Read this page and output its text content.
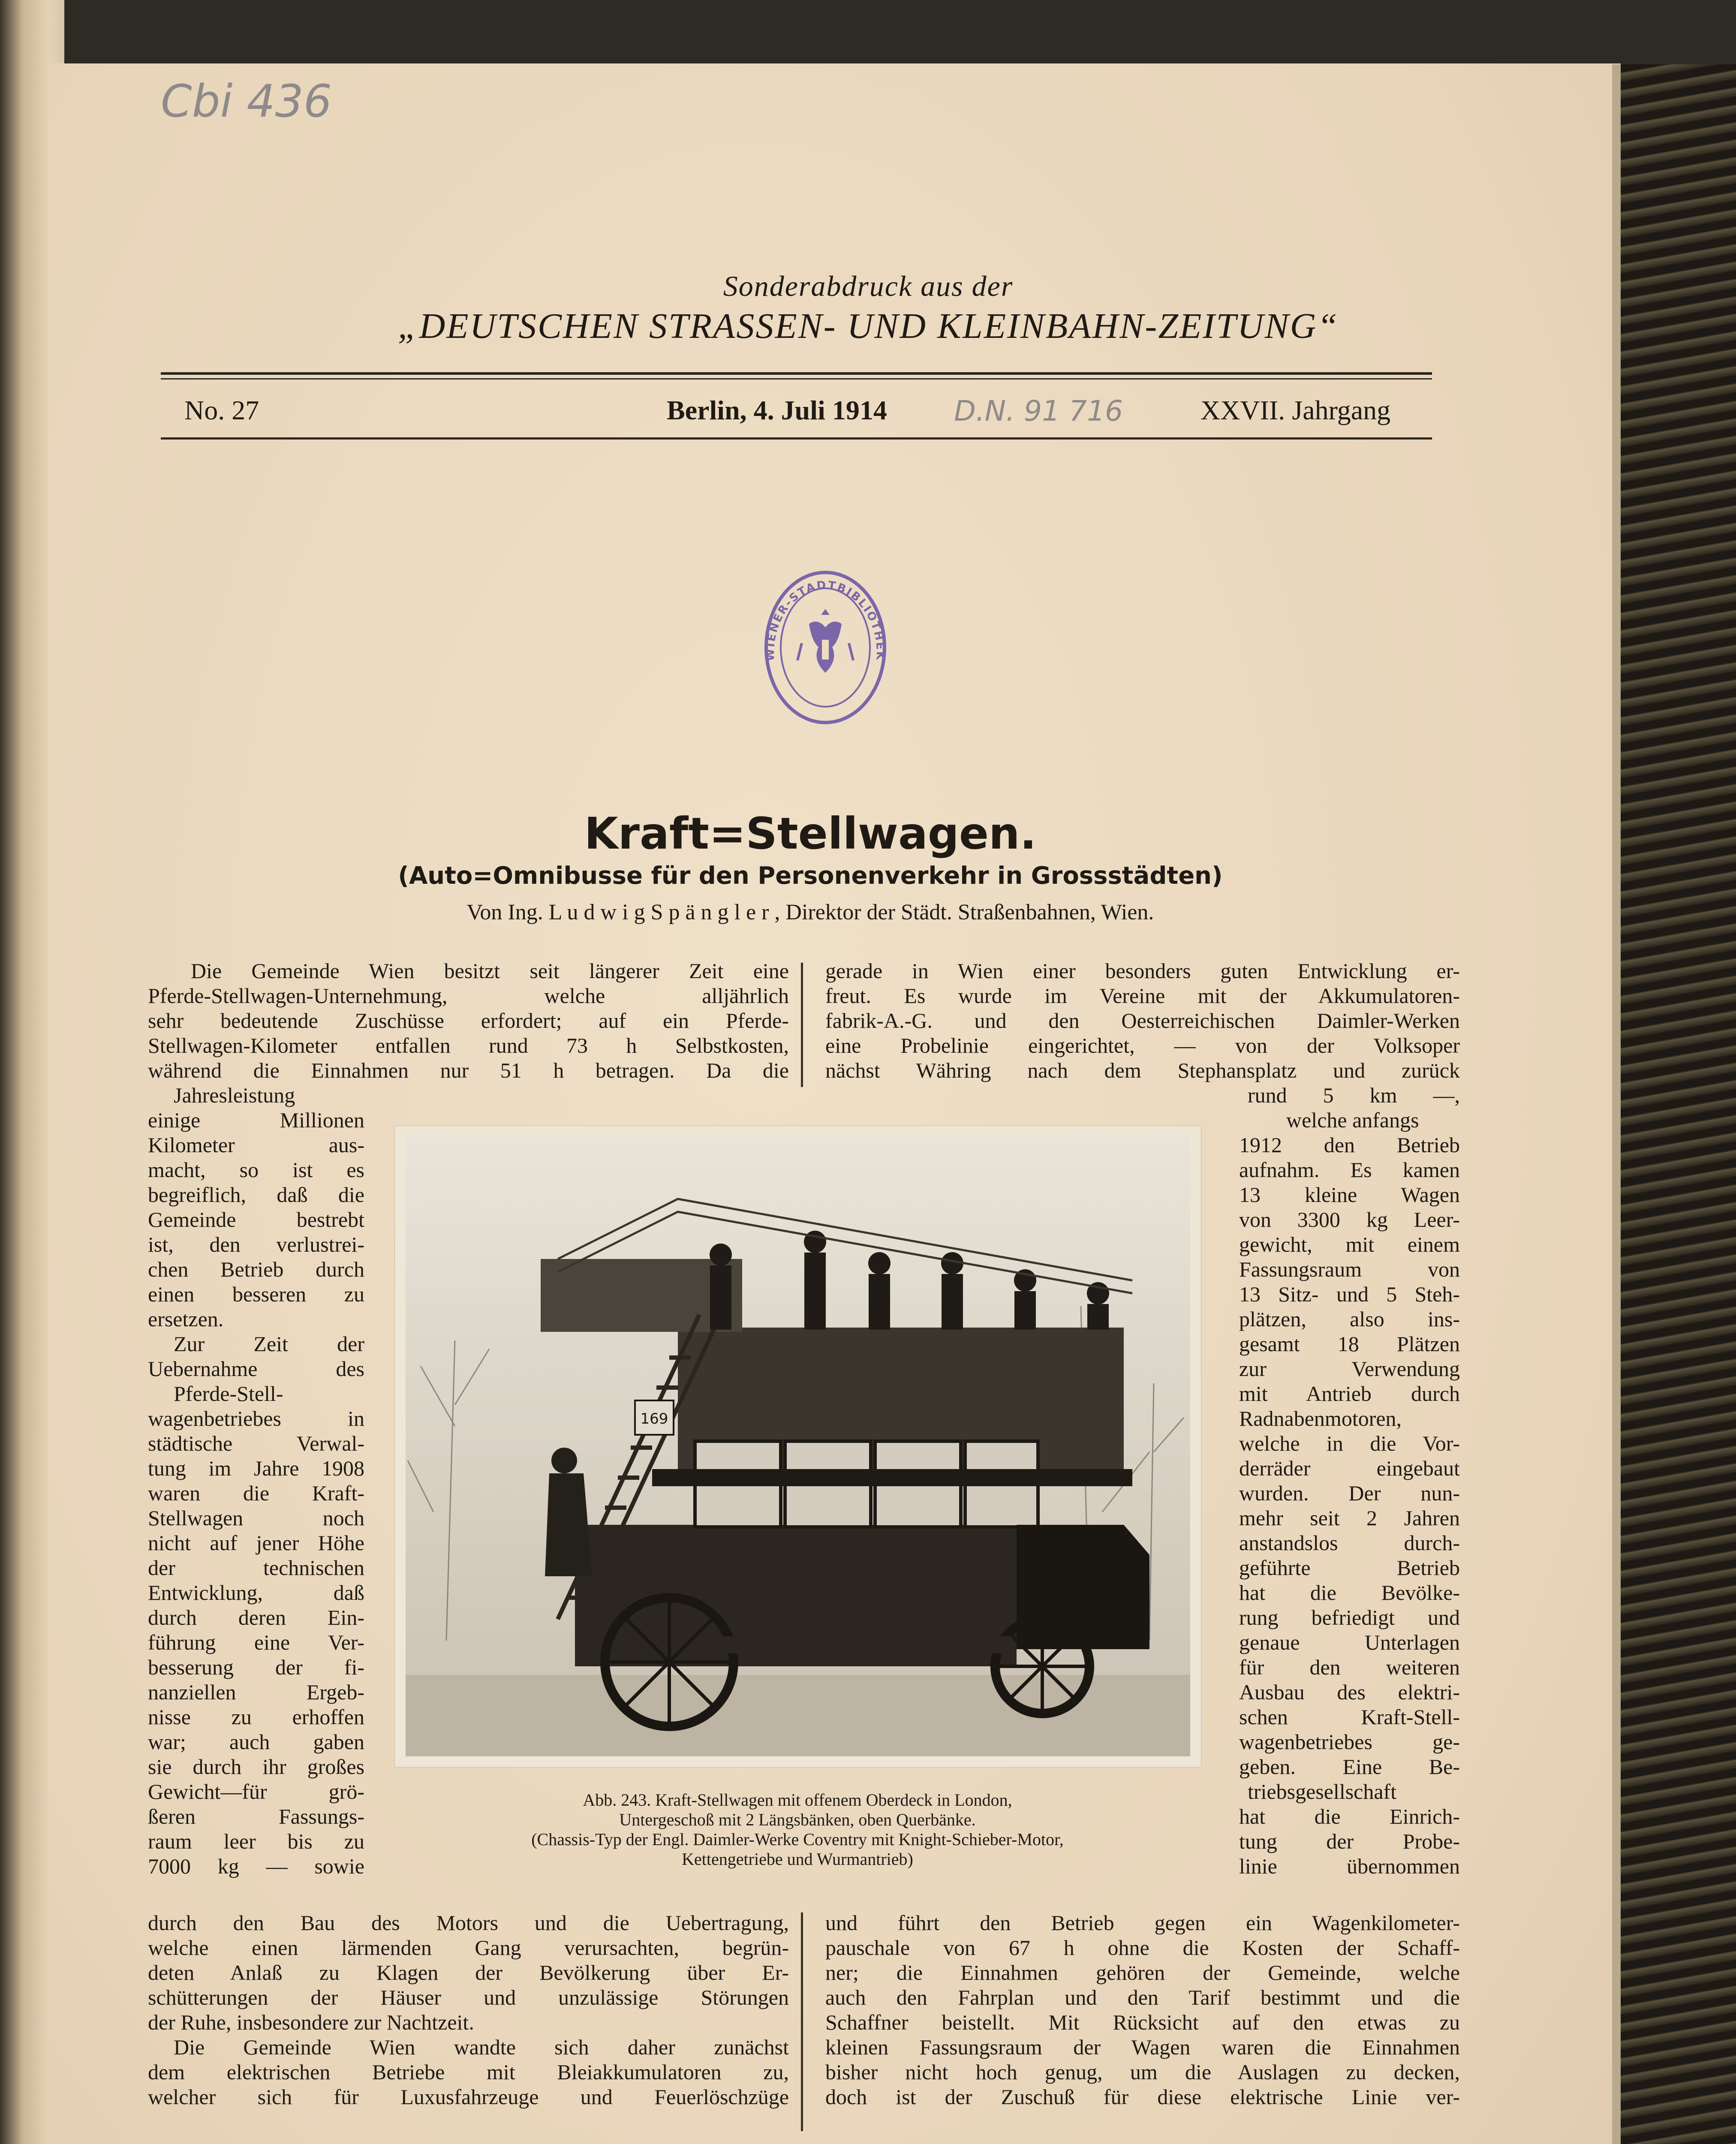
Cbi 436
Sonderabdruck aus der
„DEUTSCHEN STRASSEN- UND KLEINBAHN-ZEITUNG“
No. 27	Berlin, 4. Juli 1914 D.N. 91 716	XXVII. Jahrgang
WIENER-STADTBIBLIOTHEK
Kraft=Stellwagen.
(Auto=Omnibusse für den Personenverkehr in Grossstädten)
Von Ing. L u d w i g S p ä n g l e r , Direktor der Städt. Straßenbahnen, Wien.
Die Gemeinde Wien besitzt seit längerer Zeit eine
Pferde-Stellwagen-Unternehmung, welche alljährlich
sehr bedeutende Zuschüsse erfordert; auf ein Pferde-
Stellwagen-Kilometer entfallen rund 73 h Selbstkosten,
während die Einnahmen nur 51 h betragen. Da die
Jahresleistung
einige Millionen
Kilometer aus-
macht, so ist es
begreiflich, daß die
Gemeinde bestrebt
ist, den verlustrei-
chen Betrieb durch
einen besseren zu
ersetzen.
Zur Zeit der
Uebernahme des
Pferde-Stell-
wagenbetriebes in
städtische Verwal-
tung im Jahre 1908
waren die Kraft-
Stellwagen noch
nicht auf jener Höhe
der technischen
Entwicklung, daß
durch deren Ein-
führung eine Ver-
besserung der fi-
nanziellen Ergeb-
nisse zu erhoffen
war; auch gaben
sie durch ihr großes
Gewicht—für grö-
ßeren Fassungs-
raum leer bis zu
7000 kg — sowie
durch den Bau des Motors und die Uebertragung,
welche einen lärmenden Gang verursachten, begrün-
deten Anlaß zu Klagen der Bevölkerung über Er-
schütterungen der Häuser und unzulässige Störungen
der Ruhe, insbesondere zur Nachtzeit.
Die Gemeinde Wien wandte sich daher zunächst
dem elektrischen Betriebe mit Bleiakkumulatoren zu,
welcher sich für Luxusfahrzeuge und Feuerlöschzüge
gerade in Wien einer besonders guten Entwicklung er-
freut. Es wurde im Vereine mit der Akkumulatoren-
fabrik-A.-G. und den Oesterreichischen Daimler-Werken
eine Probelinie eingerichtet, — von der Volksoper
nächst Währing nach dem Stephansplatz und zurück
rund 5 km —,
welche anfangs
1912 den Betrieb
aufnahm. Es kamen
13 kleine Wagen
von 3300 kg Leer-
gewicht, mit einem
Fassungsraum von
13 Sitz- und 5 Steh-
plätzen, also ins-
gesamt 18 Plätzen
zur Verwendung
mit Antrieb durch
Radnabenmotoren,
welche in die Vor-
derräder eingebaut
wurden. Der nun-
mehr seit 2 Jahren
anstandslos durch-
geführte Betrieb
hat die Bevölke-
rung befriedigt und
genaue Unterlagen
für den weiteren
Ausbau des elektri-
schen Kraft-Stell-
wagenbetriebes ge-
geben. Eine Be-
triebsgesellschaft
hat die Einrich-
tung der Probe-
linie übernommen
und führt den Betrieb gegen ein Wagenkilometer-
pauschale von 67 h ohne die Kosten der Schaff-
ner; die Einnahmen gehören der Gemeinde, welche
auch den Fahrplan und den Tarif bestimmt und die
Schaffner beistellt. Mit Rücksicht auf den etwas zu
kleinen Fassungsraum der Wagen waren die Einnahmen
bisher nicht hoch genug, um die Auslagen zu decken,
doch ist der Zuschuß für diese elektrische Linie ver-
169
Abb. 243. Kraft-Stellwagen mit offenem Oberdeck in London,
Untergeschoß mit 2 Längsbänken, oben Querbänke.
(Chassis-Typ der Engl. Daimler-Werke Coventry mit Knight-Schieber-Motor,
Kettengetriebe und Wurmantrieb)
